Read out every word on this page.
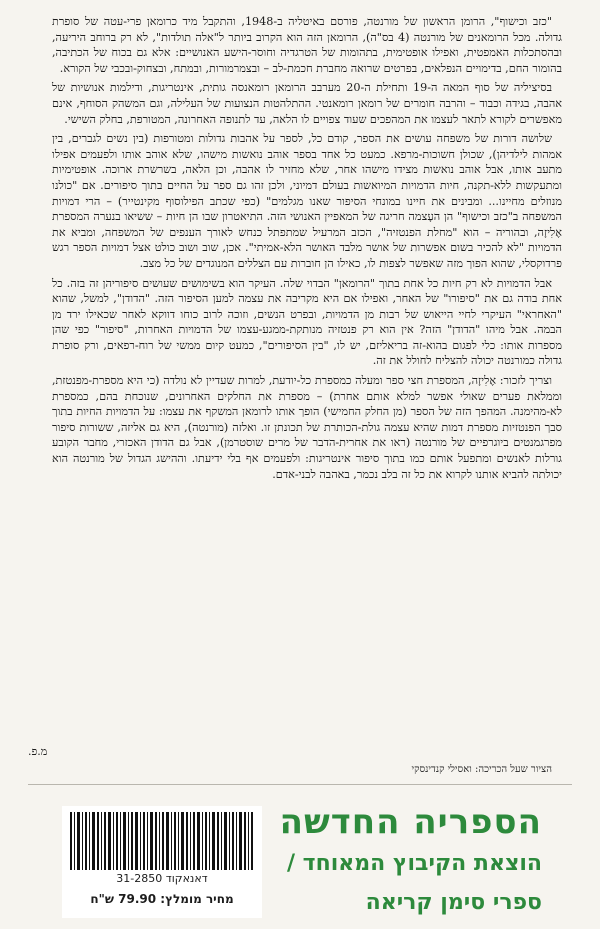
"כזב וכישוף", הרומן הראשון של מורנטה, פורסם באיטליה ב-1948, והתקבל מיד כרומאן פרי-עטה של סופרת גדולה. מכל הרומאנים של מורנטה (4 בס"ה), הרומאן הזה הוא הקרוב ביותר ל"אלה תולדות", לא רק ברוחב היריעה, ובהסתכלות האמפטית, ואפילו אופטימית, בתהומות של הטרגדיה וחוסר-הישע האנושיים: אלא גם בכוח של הכתיבה, בהומור החם, בדימויים הנפלאים, בפרטים שרואה מחברת חכמת-לב – ובצמרמורות, ובמתח, ובצחוק-ובכבי של הקורא.

בסיציליה של סוף המאה ה-19 ותחילת ה-20 מערבב הרומאן רומאנסה גותית, אינטריגות, ודילמות אנושיות של אהבה, בגידה וכבוד – והרבה חומרים של רומאן רומאנטי. ההתלהטות הנצועות של העלילה, וגם המשהק הסוחף, אינם מאפשרים לקורא לתאר לעצמו את המהפכים שעוד צפויים לו הלאה, עד לתנופה האחרונה, המטורפת, בחלק השישי.

שלושה דורות של משפחה עושים את הספר, קודם כל, לספר על אהבות גדולות ומטורפות (בין נשים לגברים, בין אמהות לילדיהן), שכולן חשוכות-מרפא. כמעט כל אחד בספר אוהב נואשות מישהו, שלא אוהב אותו ולפעמים אפילו מתעב אותו, אבל אוהב נואשות מצידו מישהו אחר, שלא מחזיר לו אהבה, וכן הלאה, בשרשרת ארוכה. אופטימיות ומתעקשות ללא-תקנה, חיות הדמויות המיואשות בעולם דמיוני, ולכן זהו גם ספר על החיים בתוך סיפורים. אם "כולנו מנוזלים מחיינו... ומבינים את חיינו במונחי הסיפור שאנו מגלמים" (כפי שכתב הפילוסוף מקינטייר) – הרי דמויות המשפחה ב"כזב וכישוף" הן העָצמה חריגה של המאפיין האנושי הזה. התיאטרון שבו הן חיות – ששיאו בנערה המספרת אֶלִיזָה, ובהוריה – הוא "מחלת הפנטזיה", הכזב המרעיל שמתפתל כנחש לאורך הענפים של המשפחה, ומביא את הדמויות "לא להכיר בשום אפשרות של אושר מלבד האושר הלא-אמיתי". אכן, שוב ושוב כולט אצל דמויות הספר רגש פרדוקסלי, שהוא הפוך מזה שאפשר לצפות לו, כאילו הן חוברות עם הצללים המנוגדים של כל מצב.

אבל הדמויות לא רק חיות כל אחת בתוך "הרומאן" הבדוי שלה. העיקר הוא בשימושים שעושים סיפוריהן זה בזה. כל אחת בודה גם את "סיפורו" של האחר, ואפילו אם היא מקריבה את עצמה למען הסיפור הזה. "הדודן", למשל, שהוא "האחראי" העיקרי לחיי הייאוש של רבות מן הדמויות, ובפרט הנשים, וזוכה לרוב כוחו דווקא לאחר שכאילו ירד מן הבמה. אבל מיהו "הדודן" הזה? אין הוא רק פנטזיה מנותקת-ממגע-עצמו של הדמויות האחרות, "סיפור" כפי שהן מספרות אותו: כלי לפגום בהוא-זה בריאליזם, יש לו, "בין הסיפורים", כמעט קיום ממשי של רוח-רפאים, ורק סופרת גדולה כמורנטה יכולה להצליח לחולל את זה.

וצריך לזכור: אֶלִיזָה, המספרת חצי ספר ומעלה כמספרת כל-יודעת, למרות שעדיין לא נולדה (כי היא מספרת-מפנטזת, וממלאת פערים שאולי אפשר למלא אותם אחרת) – מספרת את החלקים האחרונים, שנוכחת בהם, כמספרת לא-מהימנה. המהפך הזה של הספר (מן החלק החמישי) הופך אותו לרומאן המשקף את עצמו: על הדמויות החיות בתוך סבך הפנטזיות מספרת דמות שהיא עצמה גולת-הכותרת של תכונתן זו. ואלזה (מורנטה), היא גם אליזה, ששורות סיפור מפרגמנטים ביוגרפיים של מורנטה (ראו את אחרית-הדבר של מרים שוסטרמן), אבל גם הדודן האכזרי, מחבר הקובע גורלות לאנשים ומתפעל אותם כמו בתוך סיפור אינטריגות: ולפעמים אף בלי ידיעתו. וההישג הגדול של מורנטה הוא יכולתה להביא אותנו לקרוא את כל זה בלב נכמר, באהבה לבני-אדם.

מ.פ.
הציור שעל הכריכה: ואסילי קנדינסקי
הספריה החדשה
הוצאת הקיבוץ המאוחד /
ספרי סימן קריאה
דאנאקוד 31-2850
מחיר מומלץ: 79.90 ש"ח
